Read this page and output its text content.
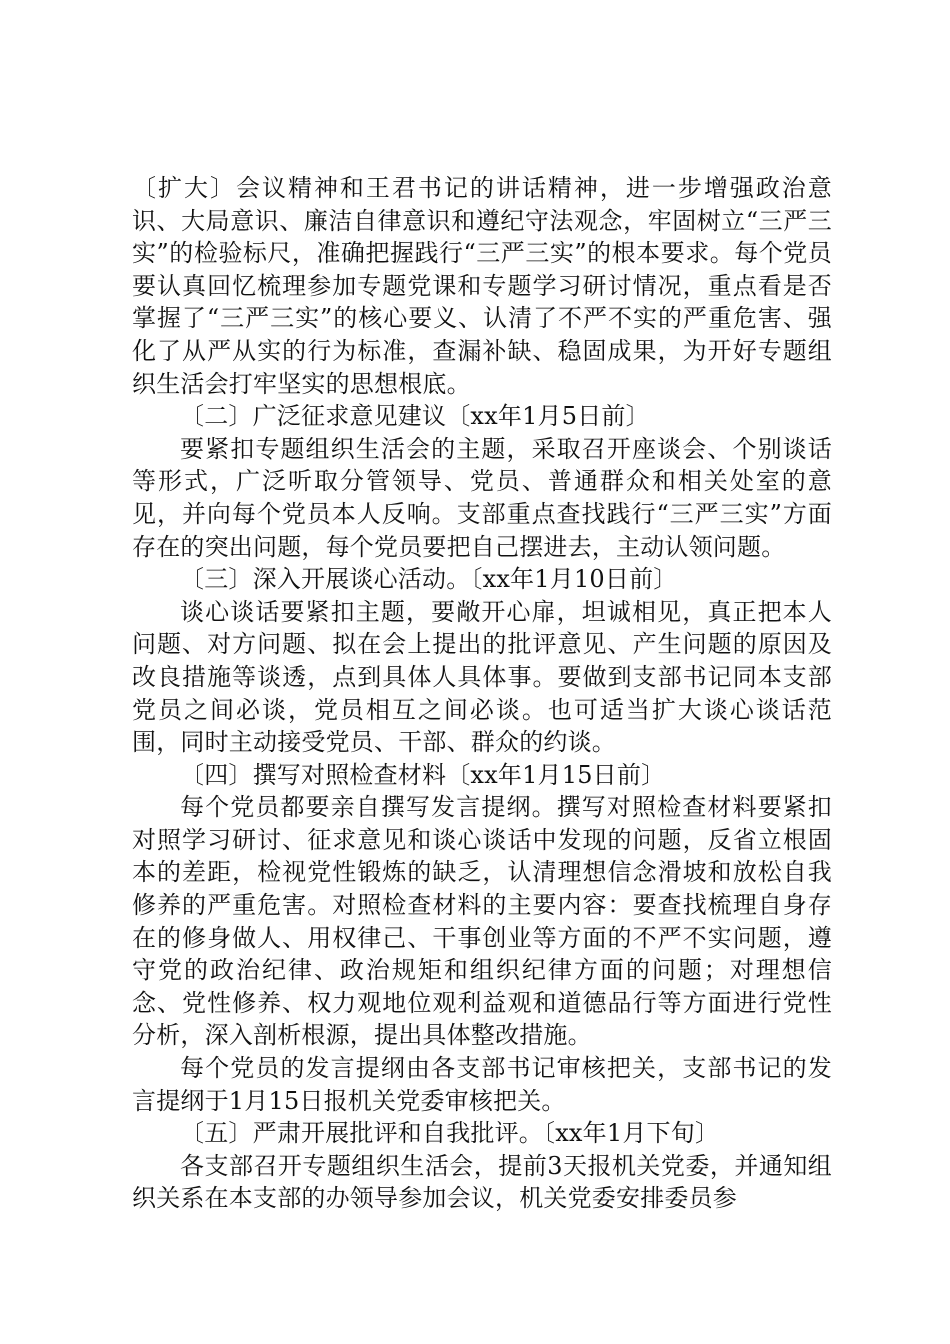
〔扩大〕会议精神和王君书记的讲话精神，进一步增强政治意识、大局意识、廉洁自律意识和遵纪守法观念，牢固树立“三严三实”的检验标尺，准确把握践行“三严三实”的根本要求。每个党员要认真回忆梳理参加专题党课和专题学习研讨情况，重点看是否掌握了“三严三实”的核心要义、认清了不严不实的严重危害、强化了从严从实的行为标准，查漏补缺、稳固成果，为开好专题组织生活会打牢坚实的思想根底。

〔二〕广泛征求意见建议〔xx年1月5日前〕

要紧扣专题组织生活会的主题，采取召开座谈会、个别谈话等形式，广泛听取分管领导、党员、普通群众和相关处室的意见，并向每个党员本人反响。支部重点查找践行“三严三实”方面存在的突出问题，每个党员要把自己摆进去，主动认领问题。

〔三〕深入开展谈心活动。〔xx年1月10日前〕

谈心谈话要紧扣主题，要敞开心扉，坦诚相见，真正把本人问题、对方问题、拟在会上提出的批评意见、产生问题的原因及改良措施等谈透，点到具体人具体事。要做到支部书记同本支部党员之间必谈，党员相互之间必谈。也可适当扩大谈心谈话范围，同时主动接受党员、干部、群众的约谈。

〔四〕撰写对照检查材料〔xx年1月15日前〕

每个党员都要亲自撰写发言提纲。撰写对照检查材料要紧扣对照学习研讨、征求意见和谈心谈话中发现的问题，反省立根固本的差距，检视党性锻炼的缺乏，认清理想信念滑坡和放松自我修养的严重危害。对照检查材料的主要内容：要查找梳理自身存在的修身做人、用权律己、干事创业等方面的不严不实问题，遵守党的政治纪律、政治规矩和组织纪律方面的问题；对理想信念、党性修养、权力观地位观利益观和道德品行等方面进行党性分析，深入剖析根源，提出具体整改措施。

每个党员的发言提纲由各支部书记审核把关，支部书记的发言提纲于1月15日报机关党委审核把关。

〔五〕严肃开展批评和自我批评。〔xx年1月下旬〕

各支部召开专题组织生活会，提前3天报机关党委，并通知组织关系在本支部的办领导参加会议，机关党委安排委员参
